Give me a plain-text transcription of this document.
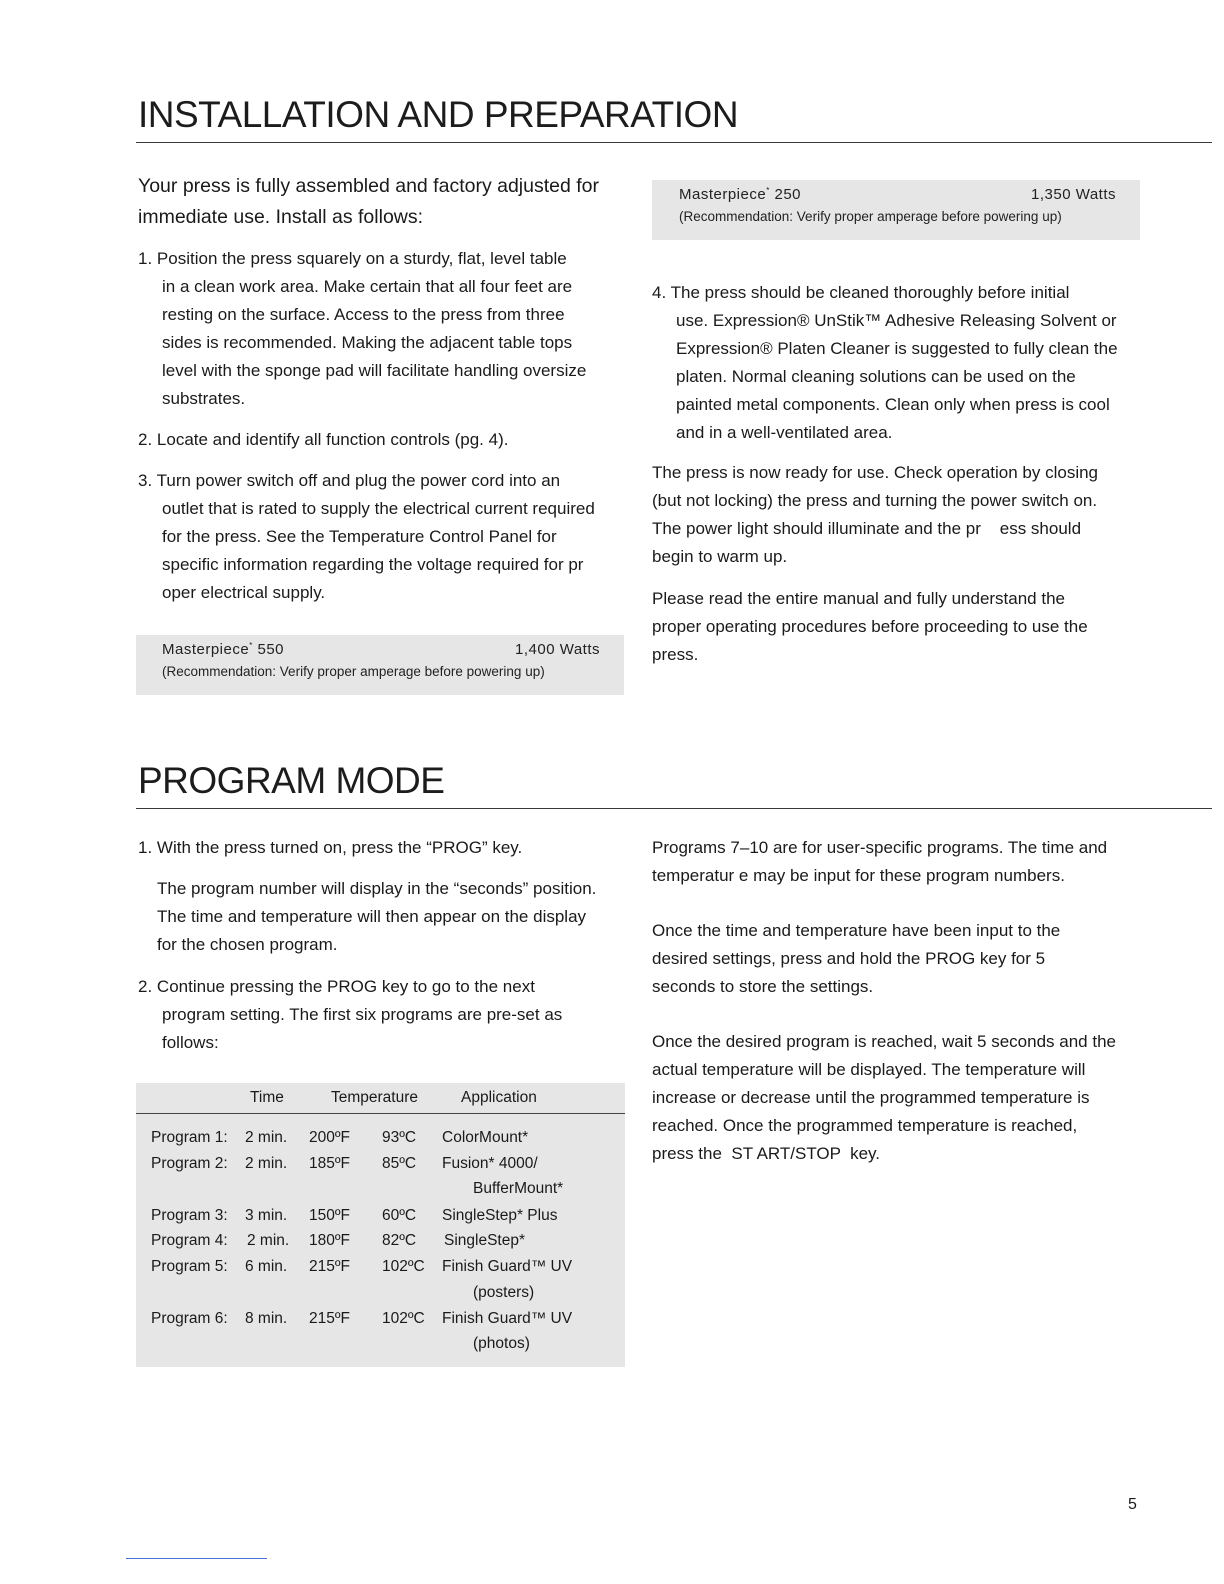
INSTALLATION AND PREPARATION
Your press is fully assembled and factory adjusted for immediate use. Install as follows:
1. Position the press squarely on a sturdy, flat, level table
in a clean work area. Make certain that all four feet are resting on the surface. Access to the press from three sides is recommended. Making the adjacent table tops level with the sponge pad will facilitate handling oversize substrates.
2. Locate and identify all function controls (pg. 4).
3. Turn power switch off and plug the power cord into an
outlet that is rated to supply the electrical current required for the press. See the Temperature Control Panel for specific information regarding the voltage required for pr oper electrical supply.
Masterpiece* 550	1,400 Watts
(Recommendation: Verify proper amperage before powering up)
Masterpiece* 250	1,350 Watts
(Recommendation: Verify proper amperage before powering up)
4. The press should be cleaned thoroughly before initial
use. Expression® UnStik™ Adhesive Releasing Solvent or Expression® Platen Cleaner is suggested to fully clean the platen. Normal cleaning solutions can be used on the painted metal components. Clean only when press is cool and in a well-ventilated area.
The press is now ready for use. Check operation by closing (but not locking) the press and turning the power switch on. The power light should illuminate and the pr    ess should begin to warm up.
Please read the entire manual and fully understand the proper operating procedures before proceeding to use the press.
PROGRAM MODE
1. With the press turned on, press the “PROG” key.
The program number will display in the “seconds” position. The time and temperature will then appear on the display for the chosen program.
2. Continue pressing the PROG key to go to the next
program setting. The first six programs are pre-set as follows:
Time	Temperature	Application
Program 1: 2 min. 200ºF 93ºC ColorMount*
Program 2: 2 min. 185ºF 85ºC Fusion* 4000/
BufferMount*
Program 3: 3 min. 150ºF 60ºC SingleStep* Plus
Program 4: 2 min. 180ºF 82ºC SingleStep*
Program 5: 6 min. 215ºF 102ºC Finish Guard™ UV
(posters)
Program 6: 8 min. 215ºF 102ºC Finish Guard™ UV
(photos)
Programs 7–10 are for user-specific programs. The time and temperatur e may be input for these program numbers.
Once the time and temperature have been input to the desired settings, press and hold the PROG key for 5 seconds to store the settings.
Once the desired program is reached, wait 5 seconds and the actual temperature will be displayed. The temperature will increase or decrease until the programmed temperature is reached. Once the programmed temperature is reached, press the  ST ART/STOP  key.
5
